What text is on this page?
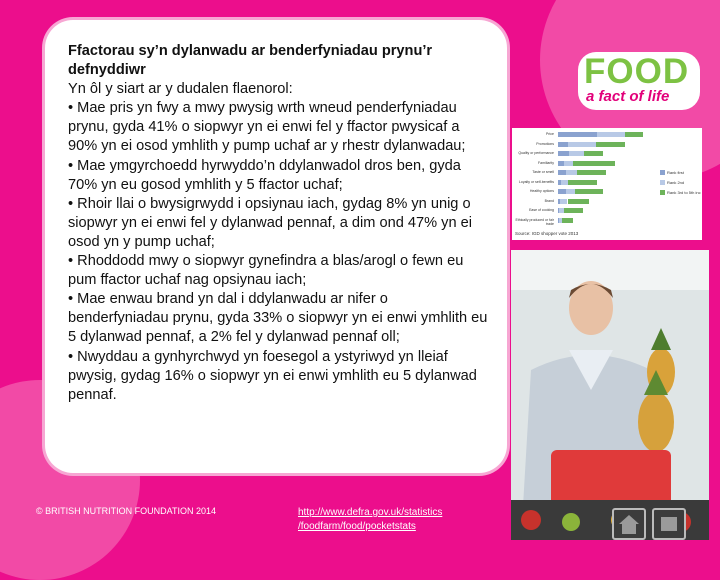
Ffactorau sy’n dylanwadu ar benderfyniadau prynu’r
defnyddiwr
Yn ôl y siart ar y dudalen flaenorol:

• Mae pris yn fwy a mwy pwysig wrth wneud penderfyniadau prynu, gyda 41% o siopwyr yn ei enwi fel y ffactor pwysicaf a 90% yn ei osod ymhlith y pump uchaf ar y rhestr dylanwadau;

• Mae ymgyrchoedd hyrwyddo’n ddylanwadol dros ben, gyda 70% yn eu gosod ymhlith y 5 ffactor uchaf;

• Rhoir llai o bwysigrwydd i opsiynau iach, gydag 8% yn unig o siopwyr yn ei enwi fel y dylanwad pennaf, a dim ond 47% yn ei osod yn y pump uchaf;

• Rhoddodd mwy o siopwyr gynefindra a blas/arogl o fewn eu pum ffactor uchaf nag opsiynau iach;

• Mae enwau brand yn dal i ddylanwadu ar nifer o benderfyniadau prynu, gyda 33% o siopwyr yn ei enwi ymhlith eu 5 dylanwad pennaf, a 2% fel y dylanwad pennaf oll;

• Nwyddau a gynhyrchwyd yn foesegol a ystyriwyd yn lleiaf pwysig, gydag 16% o siopwyr yn ei enwi ymhlith eu 5 dylanwad pennaf.

FOOD
a fact of life
Source: IGD shopper vote 2013
Price
Promotions
Quality or performance
Familiarity
Taste or smell
Loyalty or self-benefits
Healthy options
Brand
Ease of cooking
Ethically produced or fair trade
Rank first
Rank 2nd
Rank 3rd to 5th inc
© BRITISH NUTRITION FOUNDATION 2014	http://www.defra.gov.uk/statistics
/foodfarm/food/pocketstats
